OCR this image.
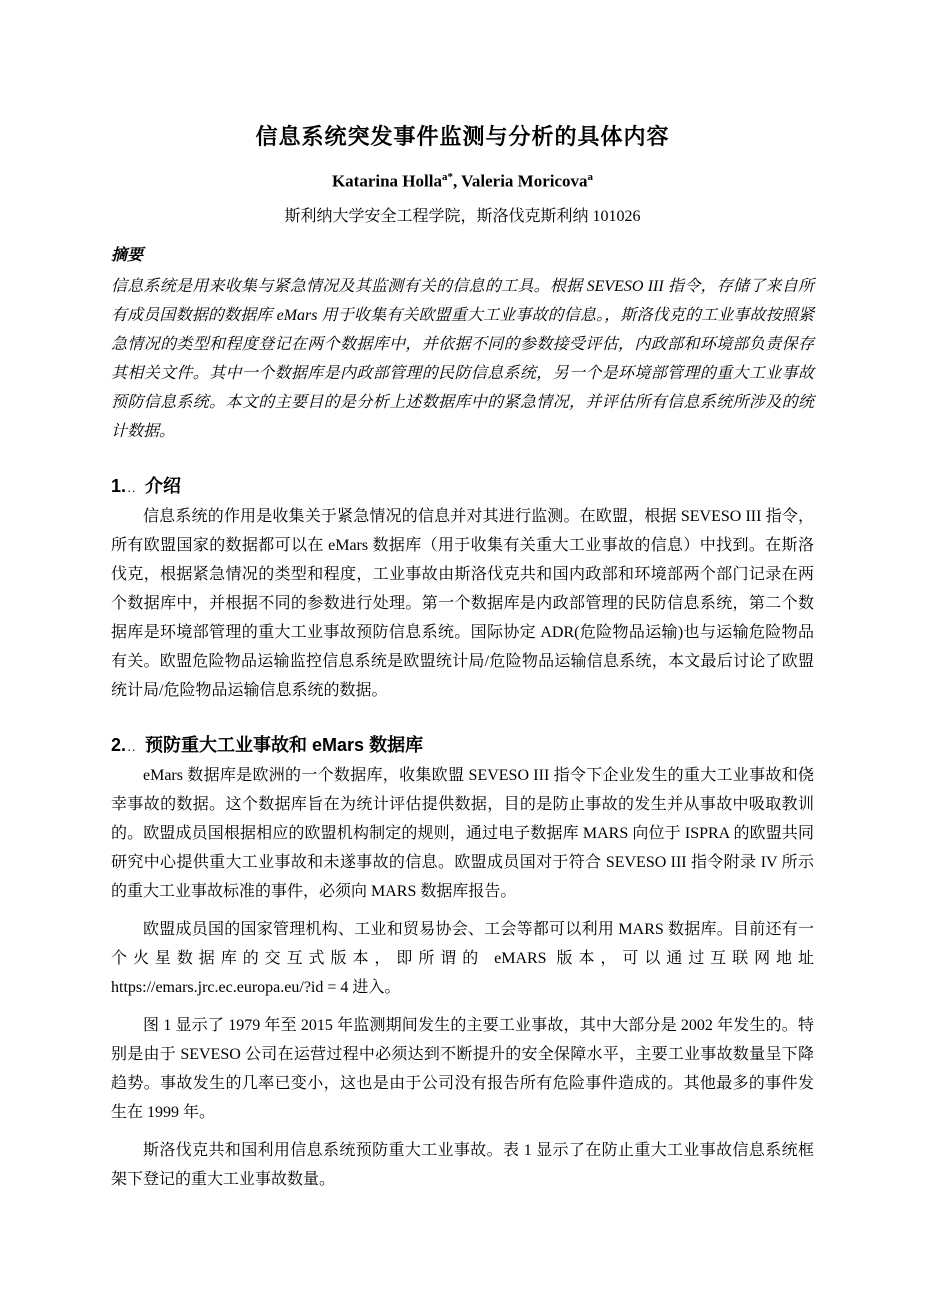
信息系统突发事件监测与分析的具体内容
Katarina Holla$^{a*}$, Valeria Moricova$^a$
斯利纳大学安全工程学院，斯洛伐克斯利纳 101026
摘要

信息系统是用来收集与紧急情况及其监测有关的信息的工具。根据 SEVESO III 指令，存储了来自所有成员国数据的数据库 eMars 用于收集有关欧盟重大工业事故的信息。，斯洛伐克的工业事故按照紧急情况的类型和程度登记在两个数据库中，并依据不同的参数接受评估，内政部和环境部负责保存其相关文件。其中一个数据库是内政部管理的民防信息系统，另一个是环境部管理的重大工业事故预防信息系统。本文的主要目的是分析上述数据库中的紧急情况，并评估所有信息系统所涉及的统计数据。

1. .. 介绍

信息系统的作用是收集关于紧急情况的信息并对其进行监测。在欧盟，根据 SEVESO III 指令，所有欧盟国家的数据都可以在 eMars 数据库（用于收集有关重大工业事故的信息）中找到。在斯洛伐克，根据紧急情况的类型和程度，工业事故由斯洛伐克共和国内政部和环境部两个部门记录在两个数据库中，并根据不同的参数进行处理。第一个数据库是内政部管理的民防信息系统，第二个数据库是环境部管理的重大工业事故预防信息系统。国际协定 ADR(危险物品运输)也与运输危险物品有关。欧盟危险物品运输监控信息系统是欧盟统计局/危险物品运输信息系统，本文最后讨论了欧盟统计局/危险物品运输信息系统的数据。

2. .. 预防重大工业事故和 eMars 数据库

eMars 数据库是欧洲的一个数据库，收集欧盟 SEVESO III 指令下企业发生的重大工业事故和侥幸事故的数据。这个数据库旨在为统计评估提供数据，目的是防止事故的发生并从事故中吸取教训的。欧盟成员国根据相应的欧盟机构制定的规则，通过电子数据库 MARS 向位于 ISPRA 的欧盟共同研究中心提供重大工业事故和未遂事故的信息。欧盟成员国对于符合 SEVESO III 指令附录 IV 所示的重大工业事故标准的事件，必须向 MARS 数据库报告。

欧盟成员国的国家管理机构、工业和贸易协会、工会等都可以利用 MARS 数据库。目前还有一个火星数据库的交互式版本，即所谓的 eMARS 版本，可以通过互联网地址 https://emars.jrc.ec.europa.eu/?id = 4 进入。

图 1 显示了 1979 年至 2015 年监测期间发生的主要工业事故，其中大部分是 2002 年发生的。特别是由于 SEVESO 公司在运营过程中必须达到不断提升的安全保障水平，主要工业事故数量呈下降趋势。事故发生的几率已变小，这也是由于公司没有报告所有危险事件造成的。其他最多的事件发生在 1999 年。

斯洛伐克共和国利用信息系统预防重大工业事故。表 1 显示了在防止重大工业事故信息系统框架下登记的重大工业事故数量。
